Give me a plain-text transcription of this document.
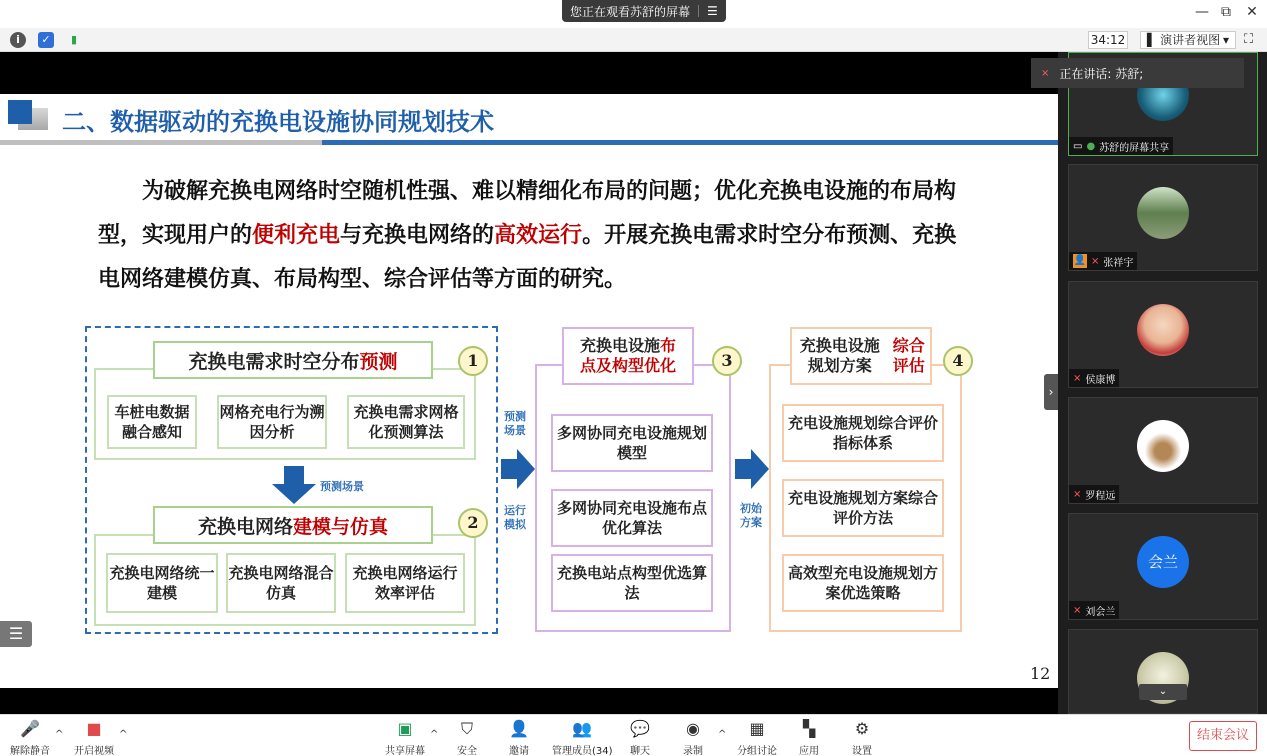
您正在观看苏舒的屏幕 ☰	— ⧉	✕
i	✓	▮	34:12	▌ 演讲者视图 ▾ ⛶
二、数据驱动的充换电设施协同规划技术
为破解充换电网络时空随机性强、难以精细化布局的问题；优化充换电设施的布局构型，实现用户的便利充电与充换电网络的高效运行。开展充换电需求时空分布预测、充换电网络建模仿真、布局构型、综合评估等方面的研究。
充换电需求时空分布 预测	1
车桩电数据融合感知
网格充电行为溯因分析
充换电需求网格化预测算法
预测场景
充换电网络 建模与仿真	2
充换电网络统一建模
充换电网络混合仿真
充换电网络运行效率评估
预测场景
运行模拟
充换电设施布
点及构型优化	3
多网协同充电设施规划模型
多网协同充电设施布点优化算法
充换电站点构型优选算法
初始方案
充换电设施规划方案
综合评估	4
充电设施规划综合评价指标体系
充电设施规划方案综合评价方法
高效型充电设施规划方案优选策略
12
☰
›
▭ ● 苏舒的屏幕共享
⨯ 正在讲话: 苏舒;
👤 ⨯ 张祥宇
⨯ 侯康博
⨯ 罗程远
会兰
⨯ 刘会兰
⌄
🎤
解除静音
^	■
开启视频
^	▣
共享屏幕
^ ⛉
安全
👤
邀请
👥
管理成员(34)
💬
聊天
◉
录制
^	▦
分组讨论
▚
应用
⚙
设置
结束会议
